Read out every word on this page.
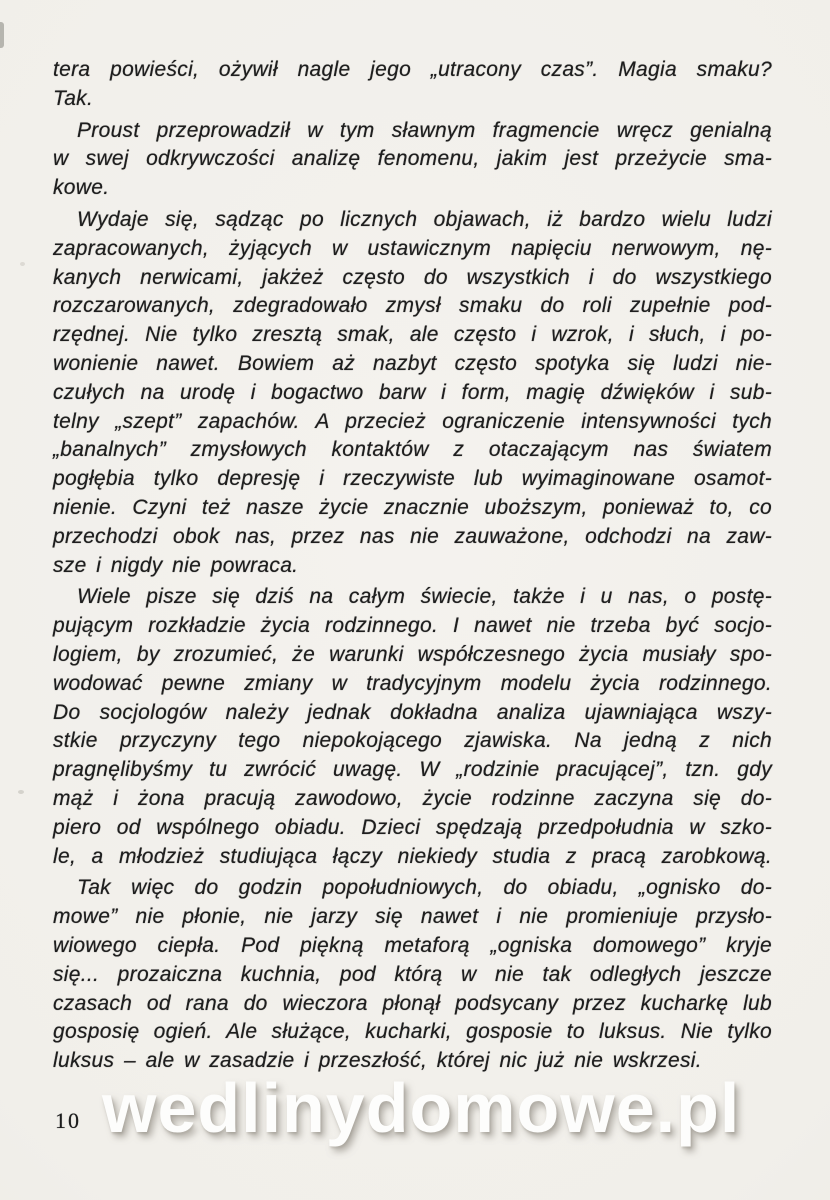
tera powieści, ożywił nagle jego „utracony czas”. Magia smaku?
Tak.
Proust przeprowadził w tym sławnym fragmencie wręcz genialną
w swej odkrywczości analizę fenomenu, jakim jest przeżycie sma-
kowe.
Wydaje się, sądząc po licznych objawach, iż bardzo wielu ludzi
zapracowanych, żyjących w ustawicznym napięciu nerwowym, nę-
kanych nerwicami, jakżeż często do wszystkich i do wszystkiego
rozczarowanych, zdegradowało zmysł smaku do roli zupełnie pod-
rzędnej. Nie tylko zresztą smak, ale często i wzrok, i słuch, i po-
wonienie nawet. Bowiem aż nazbyt często spotyka się ludzi nie-
czułych na urodę i bogactwo barw i form, magię dźwięków i sub-
telny „szept” zapachów. A przecież ograniczenie intensywności tych
„banalnych” zmysłowych kontaktów z otaczającym nas światem
pogłębia tylko depresję i rzeczywiste lub wyimaginowane osamot-
nienie. Czyni też nasze życie znacznie uboższym, ponieważ to, co
przechodzi obok nas, przez nas nie zauważone, odchodzi na zaw-
sze i nigdy nie powraca.
Wiele pisze się dziś na całym świecie, także i u nas, o postę-
pującym rozkładzie życia rodzinnego. I nawet nie trzeba być socjo-
logiem, by zrozumieć, że warunki współczesnego życia musiały spo-
wodować pewne zmiany w tradycyjnym modelu życia rodzinnego.
Do socjologów należy jednak dokładna analiza ujawniająca wszy-
stkie przyczyny tego niepokojącego zjawiska. Na jedną z nich
pragnęlibyśmy tu zwrócić uwagę. W „rodzinie pracującej”, tzn. gdy
mąż i żona pracują zawodowo, życie rodzinne zaczyna się do-
piero od wspólnego obiadu. Dzieci spędzają przedpołudnia w szko-
le, a młodzież studiująca łączy niekiedy studia z pracą zarobkową.
Tak więc do godzin popołudniowych, do obiadu, „ognisko do-
mowe” nie płonie, nie jarzy się nawet i nie promieniuje przysło-
wiowego ciepła. Pod piękną metaforą „ogniska domowego” kryje
się... prozaiczna kuchnia, pod którą w nie tak odległych jeszcze
czasach od rana do wieczora płonął podsycany przez kucharkę lub
gosposię ogień. Ale służące, kucharki, gosposie to luksus. Nie tylko
luksus – ale w zasadzie i przeszłość, której nic już nie wskrzesi.
10 wedlinydomowe.pl
